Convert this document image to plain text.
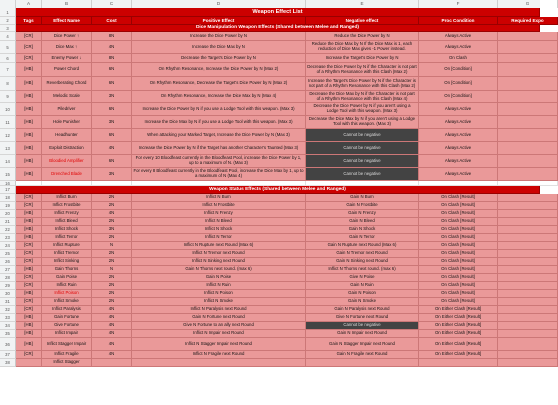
A	B	C	D	E	F	G
1	Weapon Effect List
2	Tags	Effect Name	Cost	Positive Effect	Negative effect	Proc Condition	Required Expo
3	Dice Manipulation Weapon Effects (Shared between Melee and Ranged)
4	[CR]	Dice Power ↑	8N	Increase the Dice Power by N	Reduce the Dice Power by N	Always Active
5	[CR]	Dice Max ↑	4N	Increase the Dice Max by N	Reduce the Dice Max by N If the Dice Max is 1, each reduction of Dice Max gives -1 Power instead.	Always Active
6	[CR]	Enemy Power ↓	8N	Decrease the Target's Dice Power by N	Increase the Target's Dice Power by N	On Clash
7	[HB]	Power Chord	6N	On Rhythm Resonance, Increase the Dice Power by N (Max 2)	Decrease the Dice Power by N if the Character is not part of a Rhythm Resonance with this Clash (Max 2)	On [Condition]
8	[HB]	Reverberating Chord	6N	On Rhythm Resonance, Decrease the Target's Dice Power by N (Max 2)	Increase the Target's Dice Power by N if the Character is not part of a Rhythm Resonance with this Clash (Max 2)	On [Condition]
9	[HB]	Melodic Scale	3N	On Rhythm Resonance, Increase the Dice Max by N (Max 4)	Decrease the Dice Max by N if the Character is not part of a Rhythm Resonance with this Clash (Max 4)	On [Condition]
10	[HB]	Piledriver	6N	Increase the Dice Power by N if you use a Lodge Tool with this weapon. (Max 3)	Decrease the Dice Power by N if you aren't using a Lodge Tool with this weapon. (Max 3)	Always Active
11	[HB]	Hole Punisher	3N	Increase the Dice Max by N if you use a Lodge Tool with this weapon. (Max 3)	Decrease the Dice Max by N if you aren't using a Lodge Tool with this weapon. (Max 3)	Always Active
12	[HB]	Headhunter	6N	When attacking your Marked Target, Increase the Dice Power by N (Max 3)	Cannot be negative	Always Active
13	[HB]	Exploit Distraction	4N	Increase the Dice Power by N if the Target has another Character's Taunted (Max 3)	Cannot be negative	Always Active
14	[HB]	Bloodied Amplifier	6N	For every 10 Bloodfeast currently in the Bloodfeast Pool, increase the Dice Power by 1, up to a maximum of N. (Max 3)	Cannot be negative	Always Active
15	[HB]	Drenched Blade	3N	For every 8 Bloodfeast currently in the Bloodfeast Pool, increase the Dice Max by 1, up to a maximum of N (Max 4)	Cannot be negative	Always Active
16
17	Weapon Status Effects (Shared between Melee and Ranged)
18	[CR]	Inflict Burn	2N	Inflict N Burn	Gain N Burn	On Clash [Result]
19	[CR]	Inflict Frostbite	2N	Inflict N Frostbite	Gain N Frostbite	On Clash [Result]
20	[HB]	Inflict Frenzy	4N	Inflict N Frenzy	Gain N Frenzy	On Clash [Result]
21	[HB]	Inflict Bleed	2N	Inflict N Bleed	Gain N Bleed	On Clash [Result]
22	[HB]	Inflict Shock	3N	Inflict N Shock	Gain N Shock	On Clash [Result]
23	[HB]	Inflict Terror	2N	Inflict N Terror	Gain N Terror	On Clash [Result]
24	[CR]	Inflict Rupture	N	Inflict N Rupture next Round (Max 6)	Gain N Rupture next Round (Max 6)	On Clash [Result]
25	[CR]	Inflict Tremor	2N	Inflict N Tremor next Round	Gain N Tremor next Round	On Clash [Result]
26	[CR]	Inflict Sinking	2N	Inflict N Sinking next Round	Gain N Sinking next Round	On Clash [Result]
27	[HB]	Gain Thorns	N	Gain N Thorns next round. (max 6)	Inflict N Thorns next round. (max 6)	On Clash [Result]
28	[CR]	Gain Poise	2N	Gain N Poise	Give N Poise	On Clash [Result]
29	[CR]	Inflict Ruin	2N	Inflict N Ruin	Gain N Ruin	On Clash [Result]
30	[HB]	Inflict Poison	2N	Inflict N Poison	Gain N Poison	On Clash [Result]
31	[CR]	Inflict Smoke	2N	Inflict N Smoke	Gain N Smoke	On Clash [Result]
32	[CR]	Inflict Paralysis	4N	Inflict N Paralysis next Round	Gain N Paralysis next Round	On Either Clash [Result]
33	[HB]	Gain Fortune	4N	Gain N Fortune next Round	Give N Fortune next Round	On Either Clash [Result]
34	[HB]	Give Fortune	4N	Give N Fortune to an ally next Round	Cannot be negative	On Either Clash [Result]
35	[HB]	Inflict Impair	4N	Inflict N Impair next Round	Gain N Impair next Round	On Either Clash [Result]
36	[HB]	Inflict Stagger Impair	4N	Inflict N Stagger Impair next Round	Gain N Stagger Impair next Round	On Either Clash [Result]
37	[CR]	Inflict Fragile	4N	Inflict N Fragile next Round	Gain N Fragile next Round	On Either Clash [Result]
38	Inflict Stagger
